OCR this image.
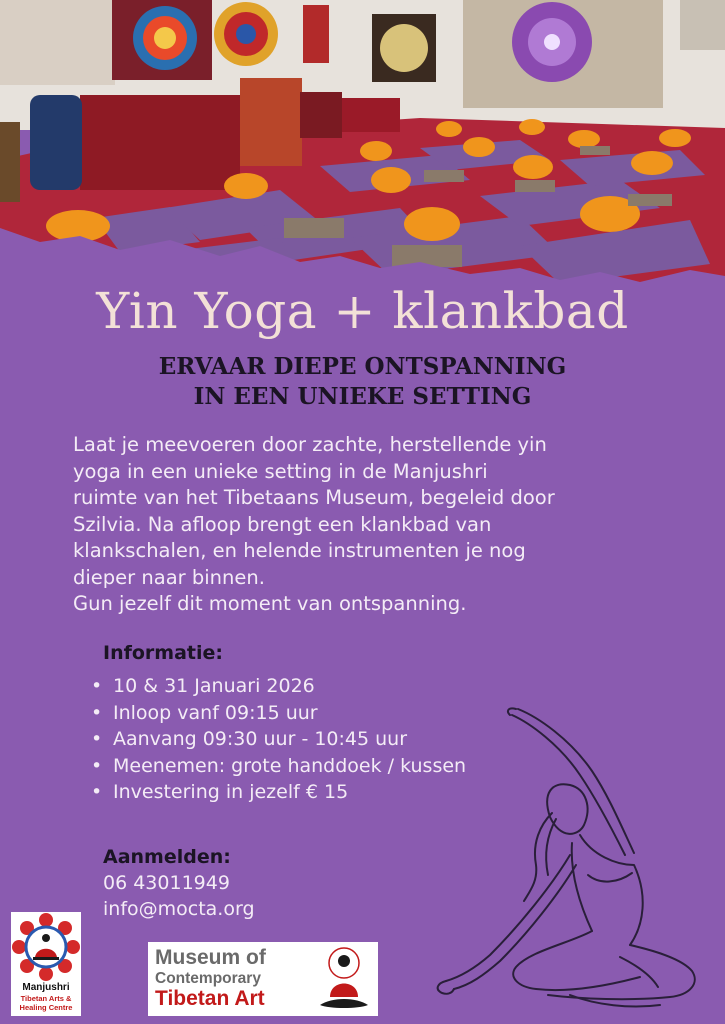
Yin Yoga + klankbad
ERVAAR DIEPE ONTSPANNING
IN EEN UNIEKE SETTING

Laat je meevoeren door zachte, herstellende yin
yoga in een unieke setting in de Manjushri
ruimte van het Tibetaans Museum, begeleid door
Szilvia. Na afloop brengt een klankbad van
klankschalen, en helende instrumenten je nog
dieper naar binnen.
Gun jezelf dit moment van ontspanning.

Informatie:
• 10 & 31 Januari 2026
• Inloop vanf 09:15 uur
• Aanvang 09:30 uur - 10:45 uur
• Meenemen: grote handdoek / kussen
• Investering in jezelf € 15
Aanmelden:
06 43011949
info@mocta.org
Manjushri
Tibetan Arts &
Healing Centre
Museum of
Contemporary
Tibetan Art
